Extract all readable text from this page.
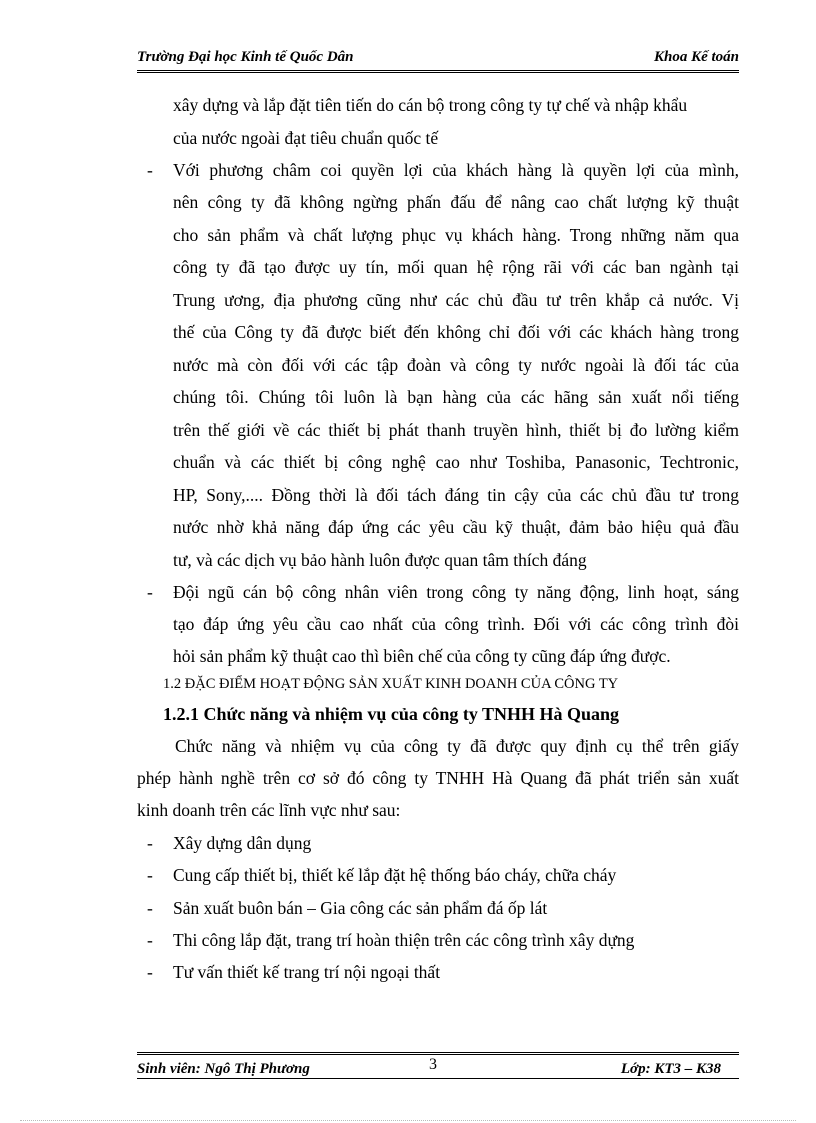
Trường Đại học Kinh tế Quốc Dân	Khoa Kế toán
xây dựng và lắp đặt tiên tiến do cán bộ trong công ty tự chế và nhập khẩu
của nước ngoài đạt tiêu chuẩn quốc tế
- Với phương châm coi quyền lợi của khách hàng là quyền lợi của mình,
nên công ty đã không ngừng phấn đấu để nâng cao chất lượng kỹ thuật
cho sản phẩm và chất lượng phục vụ khách hàng. Trong những năm qua
công ty đã tạo được uy tín, mối quan hệ rộng rãi với các ban ngành tại
Trung ương, địa phương cũng như các chủ đầu tư trên khắp cả nước. Vị
thế của Công ty đã được biết đến không chỉ đối với các khách hàng trong
nước mà còn đối với các tập đoàn và công ty nước ngoài là đối tác của
chúng tôi. Chúng tôi luôn là bạn hàng của các hãng sản xuất nổi tiếng
trên thế giới về các thiết bị phát thanh truyền hình, thiết bị đo lường kiểm
chuẩn và các thiết bị công nghệ cao như Toshiba, Panasonic, Techtronic,
HP, Sony,.... Đồng thời là đối tách đáng tin cậy của các chủ đầu tư trong
nước nhờ khả năng đáp ứng các yêu cầu kỹ thuật, đảm bảo hiệu quả đầu
tư, và các dịch vụ bảo hành luôn được quan tâm thích đáng
- Đội ngũ cán bộ công nhân viên trong công ty năng động, linh hoạt, sáng
tạo đáp ứng yêu cầu cao nhất của công trình. Đối với các công trình đòi
hỏi sản phẩm kỹ thuật cao thì biên chế của công ty cũng đáp ứng được.
1.2 ĐẶC ĐIỂM HOẠT ĐỘNG SẢN XUẤT KINH DOANH CỦA CÔNG TY
1.2.1 Chức năng và nhiệm vụ của công ty TNHH Hà Quang
Chức năng và nhiệm vụ của công ty đã được quy định cụ thể trên giấy
phép hành nghề trên cơ sở đó công ty TNHH Hà Quang đã phát triển sản xuất
kinh doanh trên các lĩnh vực như sau:
- Xây dựng dân dụng
- Cung cấp thiết bị, thiết kế lắp đặt hệ thống báo cháy, chữa cháy
- Sản xuất buôn bán – Gia công các sản phẩm đá ốp lát
- Thi công lắp đặt, trang trí hoàn thiện trên các công trình xây dựng
- Tư vấn thiết kế trang trí nội ngoại thất
Sinh viên: Ngô Thị Phương	3	Lớp: KT3 – K38
